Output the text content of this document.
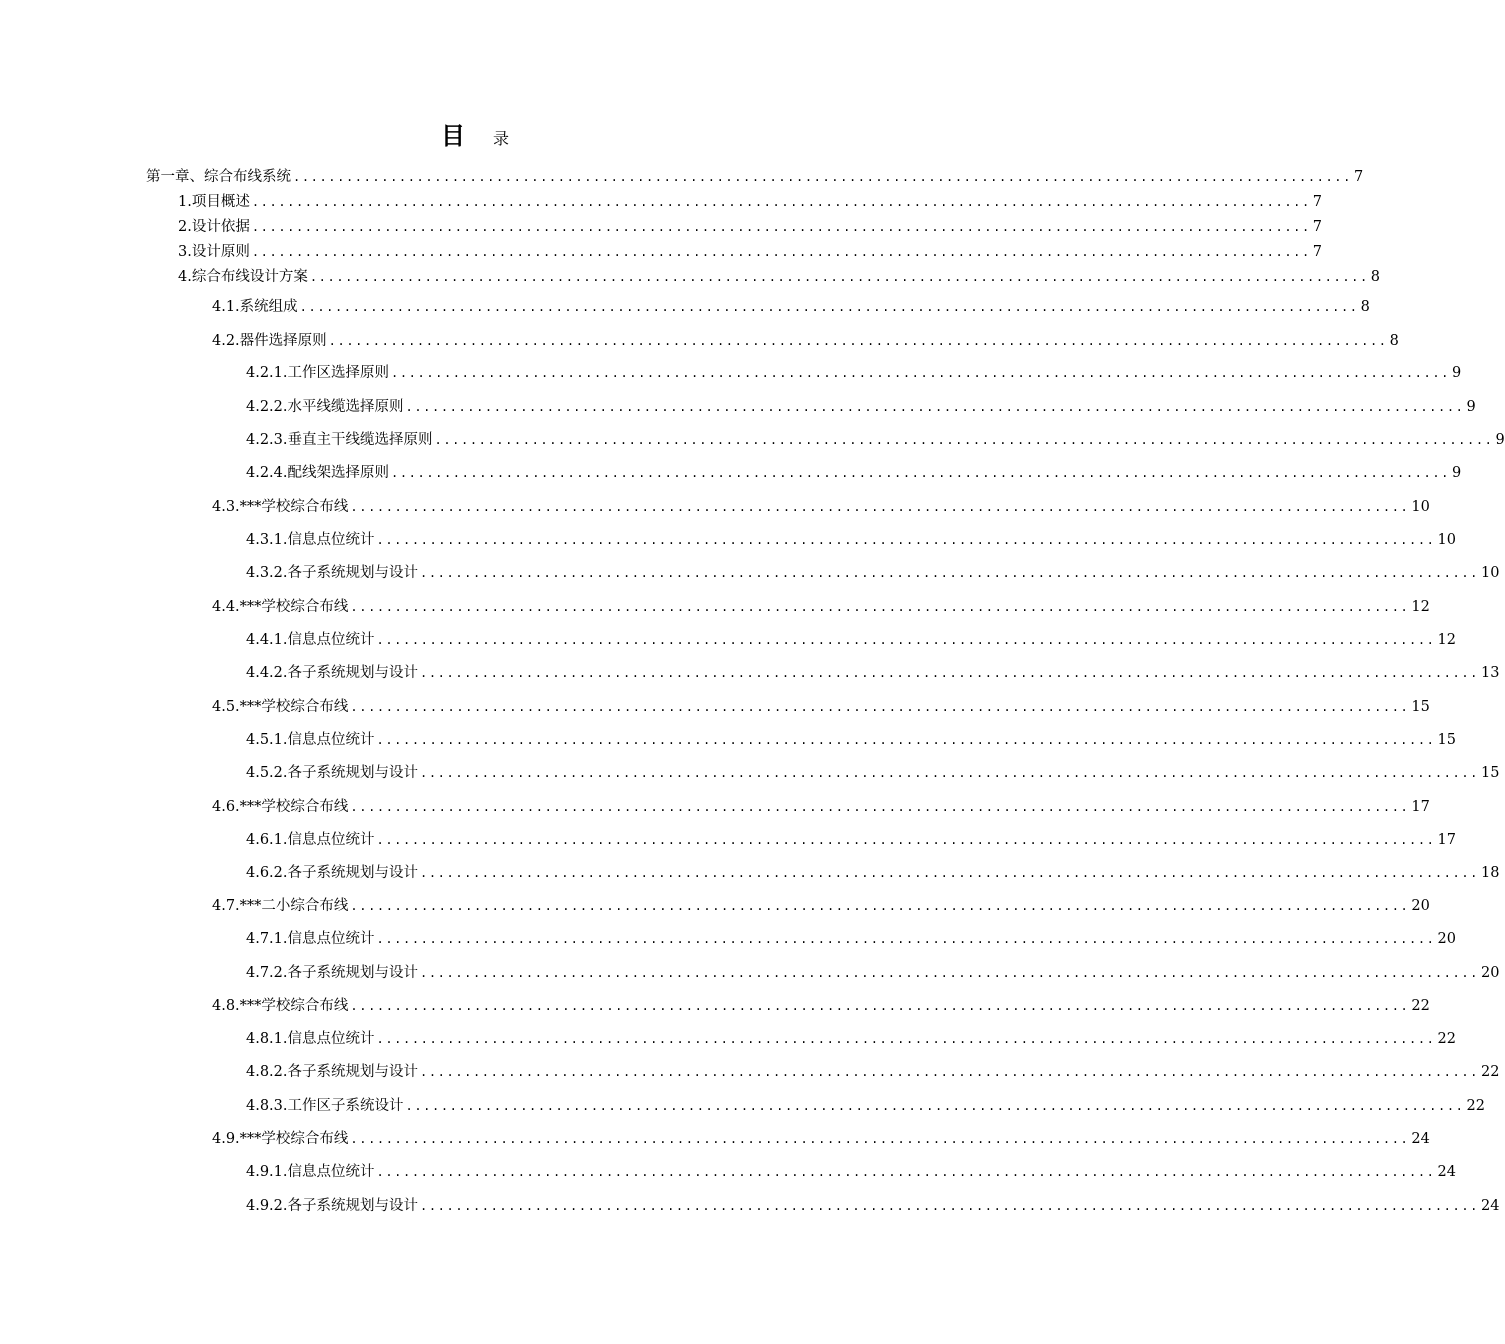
目 录
第一章、 综合布线系统 ........................................................................................................................ 7
1. 项目概述 ........................................................................................................................ 7
2. 设计依据 ........................................................................................................................ 7
3. 设计原则 ........................................................................................................................ 7
4. 综合布线设计方案 ........................................................................................................................ 8
4.1. 系统组成 ........................................................................................................................ 8
4.2. 器件选择原则 ........................................................................................................................ 8
4.2.1. 工作区选择原则 ........................................................................................................................ 9
4.2.2. 水平线缆选择原则 ........................................................................................................................ 9
4.2.3. 垂直主干线缆选择原则 ........................................................................................................................ 9
4.2.4. 配线架选择原则 ........................................................................................................................ 9
4.3. ***学校综合布线 ........................................................................................................................ 10
4.3.1. 信息点位统计 ........................................................................................................................ 10
4.3.2. 各子系统规划与设计 ........................................................................................................................ 10
4.4. ***学校综合布线 ........................................................................................................................ 12
4.4.1. 信息点位统计 ........................................................................................................................ 12
4.4.2. 各子系统规划与设计 ........................................................................................................................ 13
4.5. ***学校综合布线 ........................................................................................................................ 15
4.5.1. 信息点位统计 ........................................................................................................................ 15
4.5.2. 各子系统规划与设计 ........................................................................................................................ 15
4.6. ***学校综合布线 ........................................................................................................................ 17
4.6.1. 信息点位统计 ........................................................................................................................ 17
4.6.2. 各子系统规划与设计 ........................................................................................................................ 18
4.7. ***二小综合布线 ........................................................................................................................ 20
4.7.1. 信息点位统计 ........................................................................................................................ 20
4.7.2. 各子系统规划与设计 ........................................................................................................................ 20
4.8. ***学校综合布线 ........................................................................................................................ 22
4.8.1. 信息点位统计 ........................................................................................................................ 22
4.8.2. 各子系统规划与设计 ........................................................................................................................ 22
4.8.3. 工作区子系统设计 ........................................................................................................................ 22
4.9. ***学校综合布线 ........................................................................................................................ 24
4.9.1. 信息点位统计 ........................................................................................................................ 24
4.9.2. 各子系统规划与设计 ........................................................................................................................ 24
